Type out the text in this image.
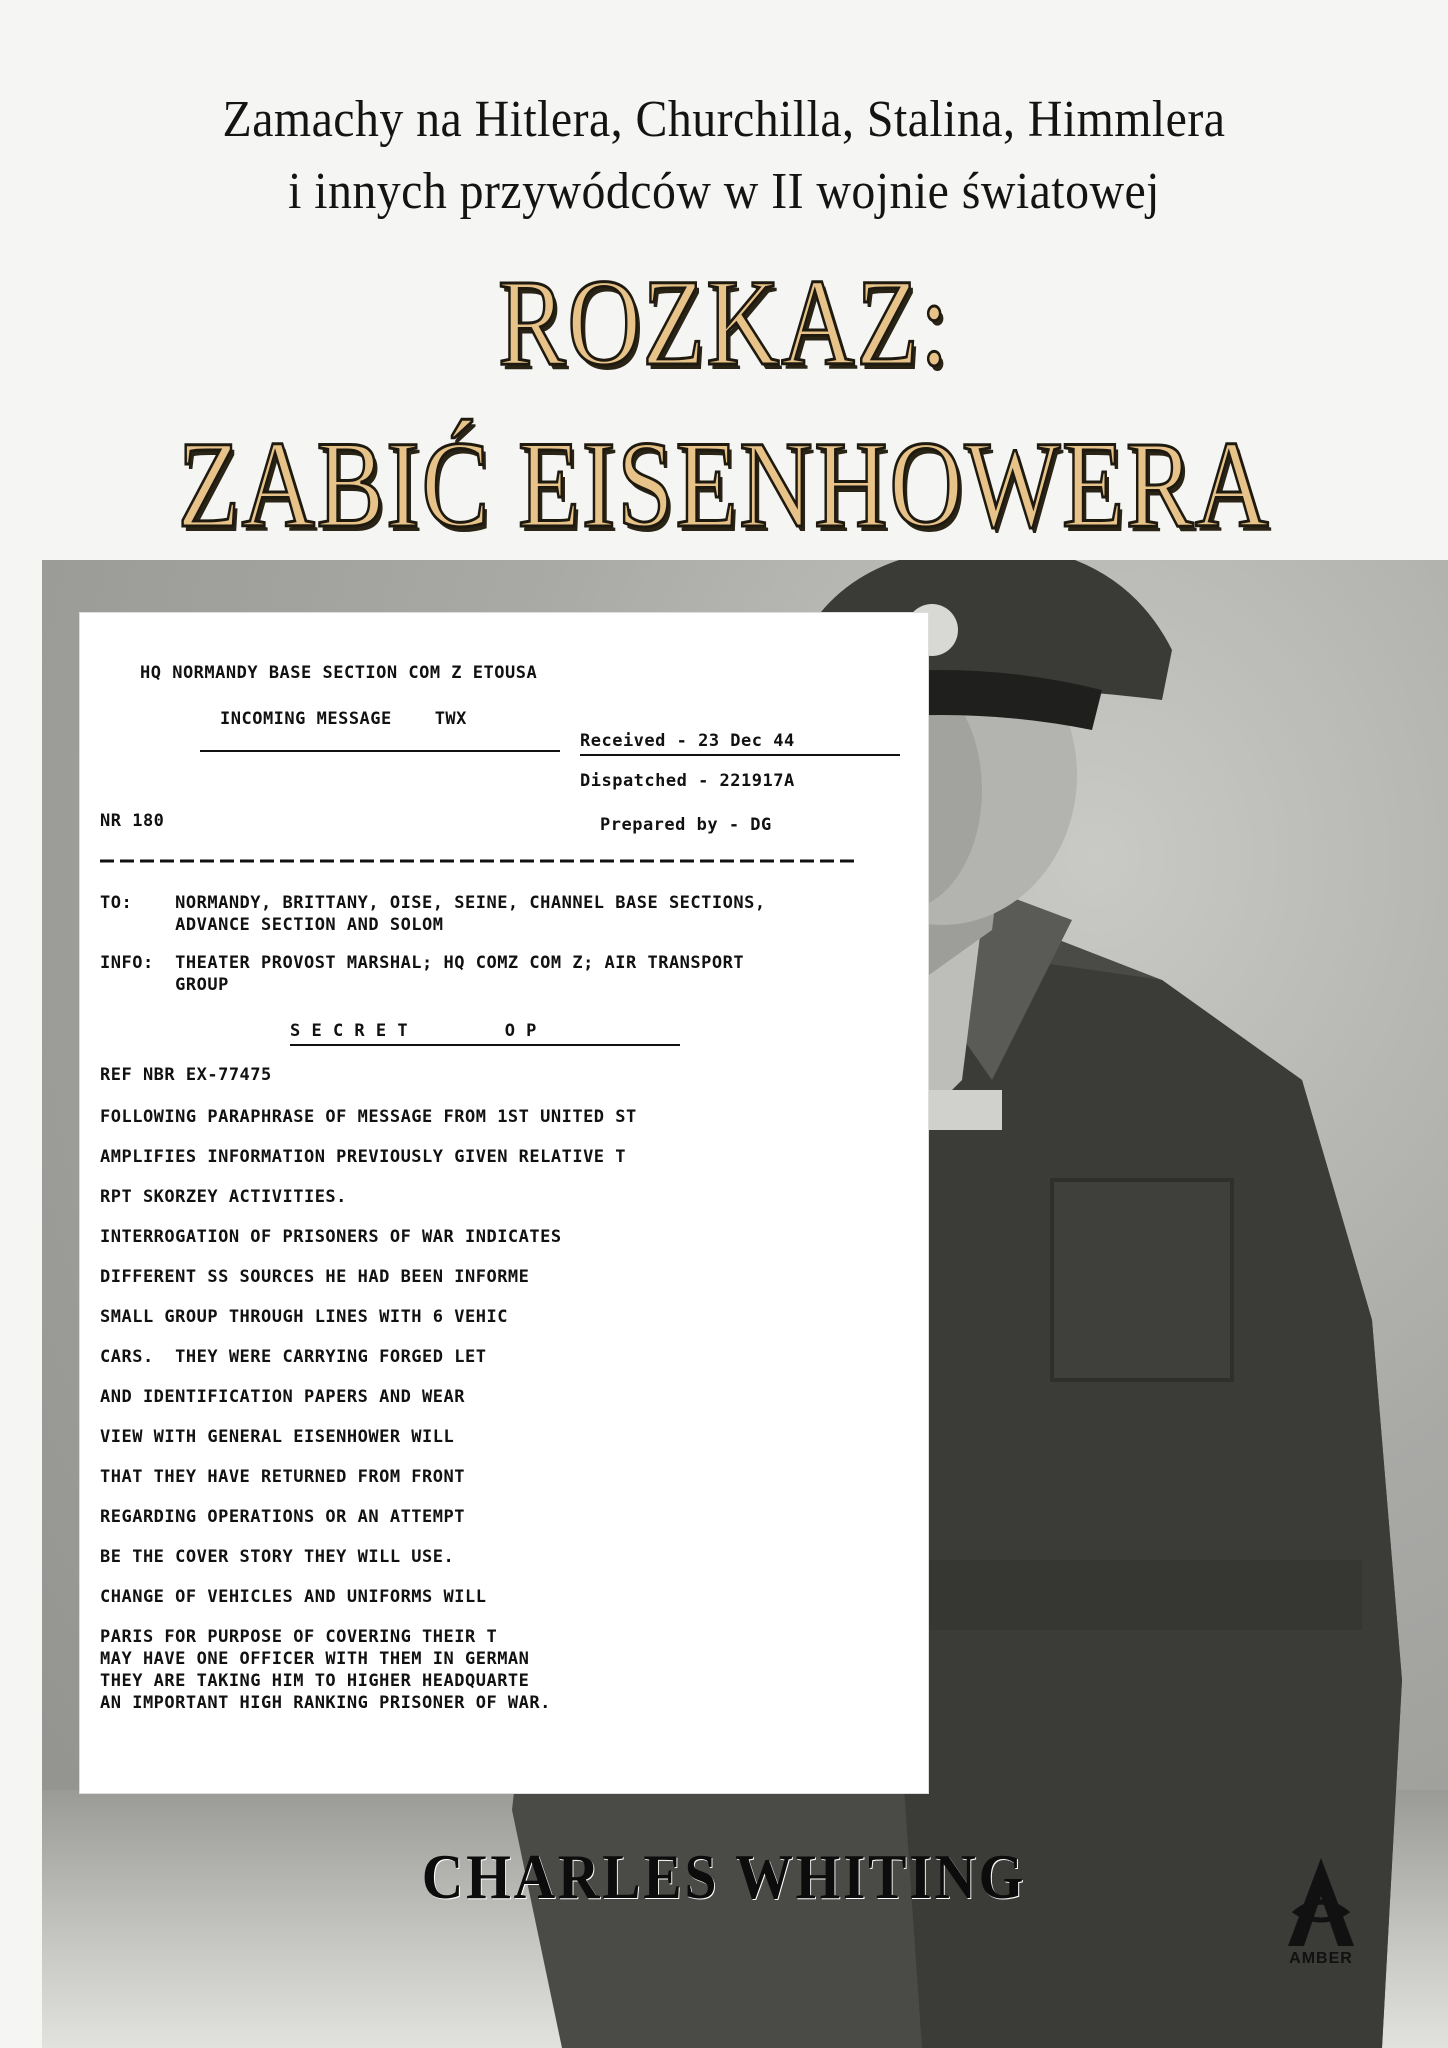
Zamachy na Hitlera, Churchilla, Stalina, Himmlera
i innych przywódców w II wojnie światowej
ROZKAZ:
ZABIĆ EISENHOWERA
HQ NORMANDY BASE SECTION COM Z ETOUSA
INCOMING MESSAGE    TWX
Received - 23 Dec 44
Dispatched - 221917A
NR 180	Prepared by - DG
TO:    NORMANDY, BRITTANY, OISE, SEINE, CHANNEL BASE SECTIONS,
ADVANCE SECTION AND SOLOM
INFO:  THEATER PROVOST MARSHAL; HQ COMZ COM Z; AIR TRANSPORT
GROUP
S E C R E T         O P
REF NBR EX-77475
FOLLOWING PARAPHRASE OF MESSAGE FROM 1ST UNITED ST
AMPLIFIES INFORMATION PREVIOUSLY GIVEN RELATIVE T
RPT SKORZEY ACTIVITIES.
INTERROGATION OF PRISONERS OF WAR INDICATES
DIFFERENT SS SOURCES HE HAD BEEN INFORME
SMALL GROUP THROUGH LINES WITH 6 VEHIC
CARS.  THEY WERE CARRYING FORGED LET
AND IDENTIFICATION PAPERS AND WEAR
VIEW WITH GENERAL EISENHOWER WILL
THAT THEY HAVE RETURNED FROM FRONT
REGARDING OPERATIONS OR AN ATTEMPT
BE THE COVER STORY THEY WILL USE.
CHANGE OF VEHICLES AND UNIFORMS WILL
PARIS FOR PURPOSE OF COVERING THEIR T
MAY HAVE ONE OFFICER WITH THEM IN GERMAN
THEY ARE TAKING HIM TO HIGHER HEADQUARTE
AN IMPORTANT HIGH RANKING PRISONER OF WAR.
CHARLES WHITING
AMBER
